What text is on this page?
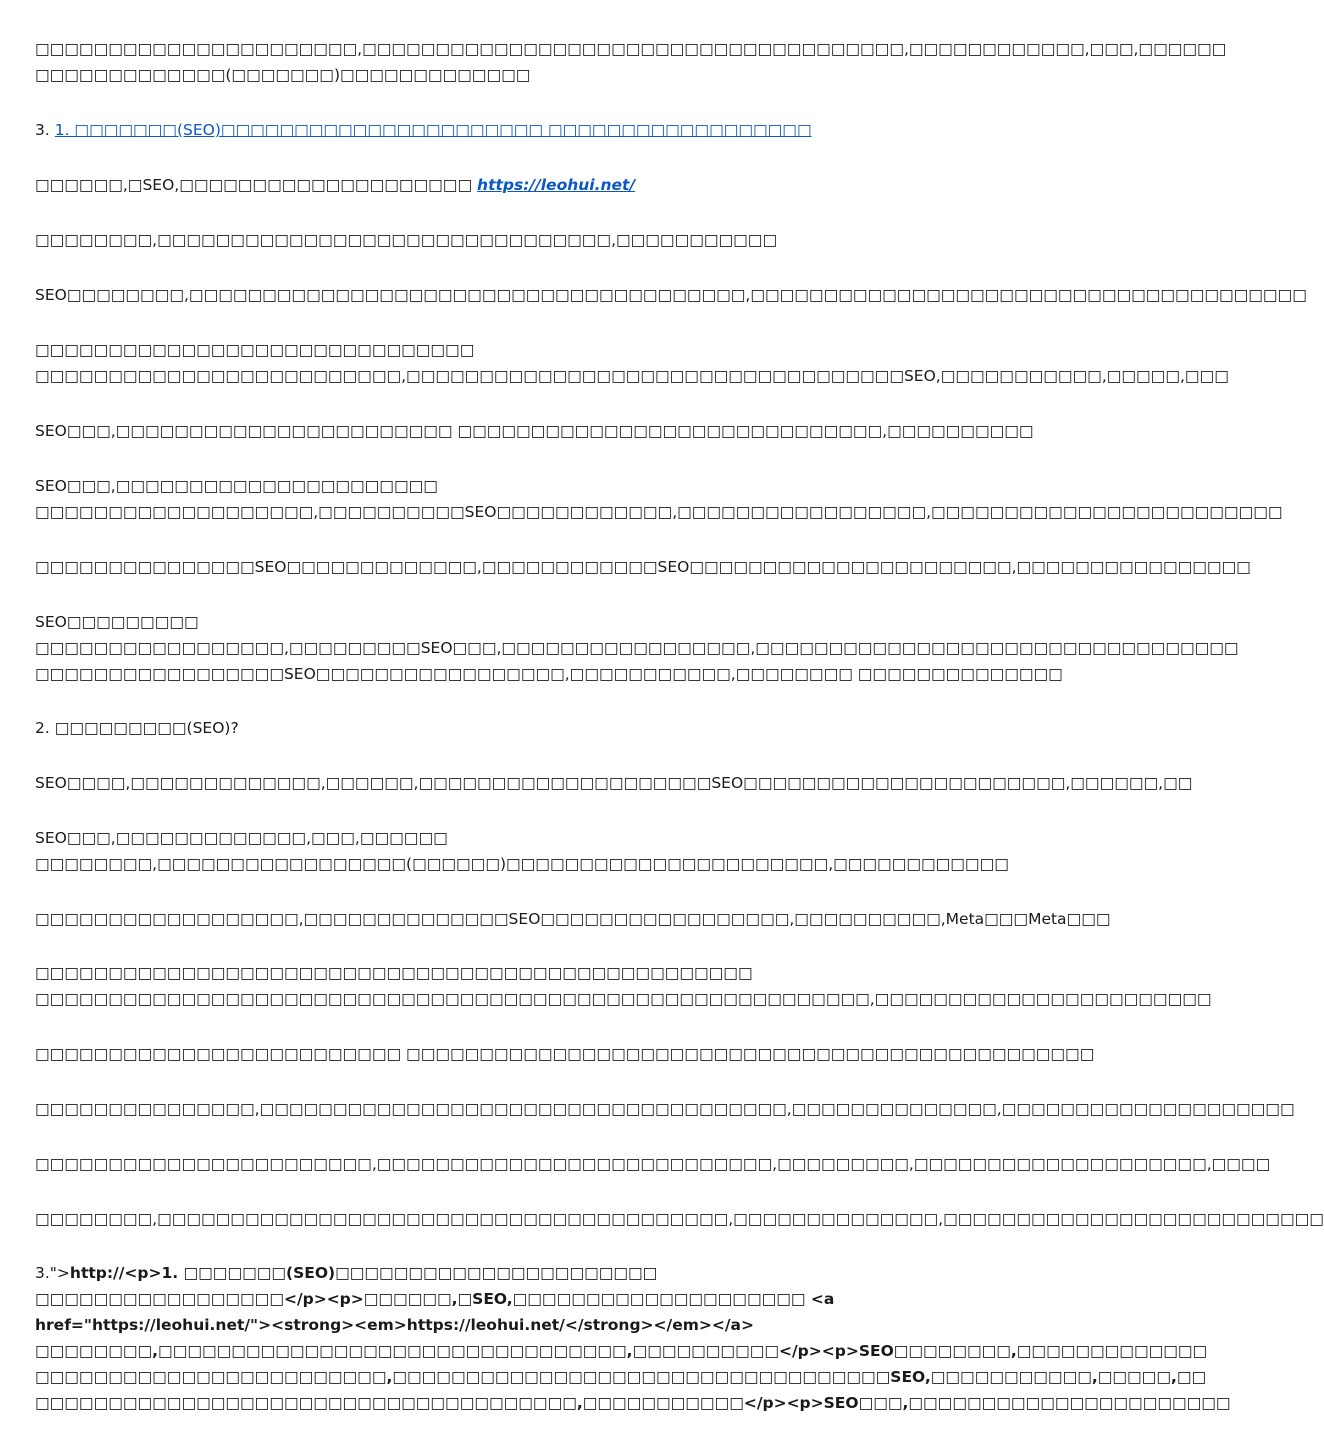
□□□□□□□□□□□□□□□□□□□□□□,□□□□□□□□□□□□□□□□□□□□□□□□□□□□□□□□□□□□□,□□□□□□□□□□□□,□□□,□□□□□□
□□□□□□□□□□□□□(□□□□□□□)□□□□□□□□□□□□□
3. 1. □□□□□□□(SEO)□□□□□□□□□□□□□□□□□□□□□□ □□□□□□□□□□□□□□□□□□
□□□□□□,□SEO,□□□□□□□□□□□□□□□□□□□□ https://leohui.net/
□□□□□□□□,□□□□□□□□□□□□□□□□□□□□□□□□□□□□□□□,□□□□□□□□□□□
SEO□□□□□□□□,□□□□□□□□□□□□□□□□□□□□□□□□□□□□□□□□□□□□□□,□□□□□□□□□□□□□□□□□□□□□□□□□□□□□□□□□□□□□□
□□□□□□□□□□□□□□□□□□□□□□□□□□□□□□
□□□□□□□□□□□□□□□□□□□□□□□□□,□□□□□□□□□□□□□□□□□□□□□□□□□□□□□□□□□□SEO,□□□□□□□□□□□,□□□□□,□□□
SEO□□□,□□□□□□□□□□□□□□□□□□□□□□□ □□□□□□□□□□□□□□□□□□□□□□□□□□□□□,□□□□□□□□□□
SEO□□□,□□□□□□□□□□□□□□□□□□□□□□
□□□□□□□□□□□□□□□□□□□,□□□□□□□□□□SEO□□□□□□□□□□□□,□□□□□□□□□□□□□□□□□,□□□□□□□□□□□□□□□□□□□□□□□□
□□□□□□□□□□□□□□□SEO□□□□□□□□□□□□□,□□□□□□□□□□□□SEO□□□□□□□□□□□□□□□□□□□□□□,□□□□□□□□□□□□□□□□
SEO□□□□□□□□□
□□□□□□□□□□□□□□□□□,□□□□□□□□□SEO□□□,□□□□□□□□□□□□□□□□□,□□□□□□□□□□□□□□□□□□□□□□□□□□□□□□□□□
□□□□□□□□□□□□□□□□□SEO□□□□□□□□□□□□□□□□□,□□□□□□□□□□□,□□□□□□□□ □□□□□□□□□□□□□□
2. □□□□□□□□□(SEO)?
SEO□□□□,□□□□□□□□□□□□□,□□□□□□,□□□□□□□□□□□□□□□□□□□□SEO□□□□□□□□□□□□□□□□□□□□□□,□□□□□□,□□
SEO□□□,□□□□□□□□□□□□□,□□□,□□□□□□
□□□□□□□□,□□□□□□□□□□□□□□□□□(□□□□□□)□□□□□□□□□□□□□□□□□□□□□□,□□□□□□□□□□□□
□□□□□□□□□□□□□□□□□□,□□□□□□□□□□□□□□SEO□□□□□□□□□□□□□□□□□,□□□□□□□□□□,Meta□□□Meta□□□
□□□□□□□□□□□□□□□□□□□□□□□□□□□□□□□□□□□□□□□□□□□□□□□□□
□□□□□□□□□□□□□□□□□□□□□□□□□□□□□□□□□□□□□□□□□□□□□□□□□□□□□□□□□,□□□□□□□□□□□□□□□□□□□□□□□
□□□□□□□□□□□□□□□□□□□□□□□□□ □□□□□□□□□□□□□□□□□□□□□□□□□□□□□□□□□□□□□□□□□□□□□□□
□□□□□□□□□□□□□□□,□□□□□□□□□□□□□□□□□□□□□□□□□□□□□□□□□□□□,□□□□□□□□□□□□□□,□□□□□□□□□□□□□□□□□□□□
□□□□□□□□□□□□□□□□□□□□□□□,□□□□□□□□□□□□□□□□□□□□□□□□□□□,□□□□□□□□□,□□□□□□□□□□□□□□□□□□□□,□□□□
□□□□□□□□,□□□□□□□□□□□□□□□□□□□□□□□□□□□□□□□□□□□□□□□,□□□□□□□□□□□□□□,□□□□□□□□□□□□□□□□□□□□□□□□□□
3.">http://<p>1. □□□□□□□(SEO)□□□□□□□□□□□□□□□□□□□□□□
□□□□□□□□□□□□□□□□□</p><p>□□□□□□,□SEO,□□□□□□□□□□□□□□□□□□□□ <a
href="https://leohui.net/"><strong><em>https://leohui.net/</strong></em></a>
□□□□□□□□,□□□□□□□□□□□□□□□□□□□□□□□□□□□□□□□□,□□□□□□□□□□</p><p>SEO□□□□□□□□,□□□□□□□□□□□□□
□□□□□□□□□□□□□□□□□□□□□□□□,□□□□□□□□□□□□□□□□□□□□□□□□□□□□□□□□□□SEO,□□□□□□□□□□□,□□□□□,□□
□□□□□□□□□□□□□□□□□□□□□□□□□□□□□□□□□□□□□,□□□□□□□□□□□</p><p>SEO□□□,□□□□□□□□□□□□□□□□□□□□□□
